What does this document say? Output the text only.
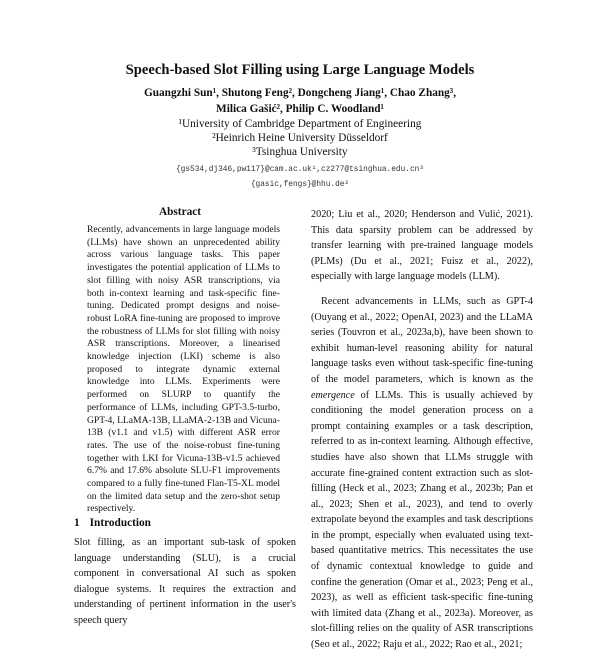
Speech-based Slot Filling using Large Language Models
Guangzhi Sun¹, Shutong Feng², Dongcheng Jiang¹, Chao Zhang³,
Milica Gašić², Philip C. Woodland¹
¹University of Cambridge Department of Engineering
²Heinrich Heine University Düsseldorf
³Tsinghua University
{gs534,dj346,pw117}@cam.ac.uk¹,cz277@tsinghua.edu.cn³
{gasic,fengs}@hhu.de²
Abstract
Recently, advancements in large language models (LLMs) have shown an unprecedented ability across various language tasks. This paper investigates the potential application of LLMs to slot filling with noisy ASR transcriptions, via both in-context learning and task-specific fine-tuning. Dedicated prompt designs and noise-robust LoRA fine-tuning are proposed to improve the robustness of LLMs for slot filling with noisy ASR transcriptions. Moreover, a linearised knowledge injection (LKI) scheme is also proposed to integrate dynamic external knowledge into LLMs. Experiments were performed on SLURP to quantify the performance of LLMs, including GPT-3.5-turbo, GPT-4, LLaMA-13B, LLaMA-2-13B and Vicuna-13B (v1.1 and v1.5) with different ASR error rates. The use of the noise-robust fine-tuning together with LKI for Vicuna-13B-v1.5 achieved 6.7% and 17.6% absolute SLU-F1 improvements compared to a fully fine-tuned Flan-T5-XL model on the limited data setup and the zero-shot setup respectively.
1 Introduction

Slot filling, as an important sub-task of spoken language understanding (SLU), is a crucial component in conversational AI such as spoken dialogue systems. It requires the extraction and understanding of pertinent information in the user's speech query

2020; Liu et al., 2020; Henderson and Vulić, 2021). This data sparsity problem can be addressed by transfer learning with pre-trained language models (PLMs) (Du et al., 2021; Fuisz et al., 2022), especially with large language models (LLM).

Recent advancements in LLMs, such as GPT-4 (Ouyang et al., 2022; OpenAI, 2023) and the LLaMA series (Touvron et al., 2023a,b), have been shown to exhibit human-level reasoning ability for natural language tasks even without task-specific fine-tuning of the model parameters, which is known as the emergence of LLMs. This is usually achieved by conditioning the model generation process on a prompt containing examples or a task description, referred to as in-context learning. Although effective, studies have also shown that LLMs struggle with accurate fine-grained content extraction such as slot-filling (Heck et al., 2023; Zhang et al., 2023b; Pan et al., 2023; Shen et al., 2023), and tend to overly extrapolate beyond the examples and task descriptions in the prompt, especially when evaluated using text-based quantitative metrics. This necessitates the use of dynamic contextual knowledge to guide and confine the generation (Omar et al., 2023; Peng et al., 2023), as well as efficient task-specific fine-tuning with limited data (Zhang et al., 2023a). Moreover, as slot-filling relies on the quality of ASR transcriptions (Seo et al., 2022; Raju et al., 2022; Rao et al., 2021;
